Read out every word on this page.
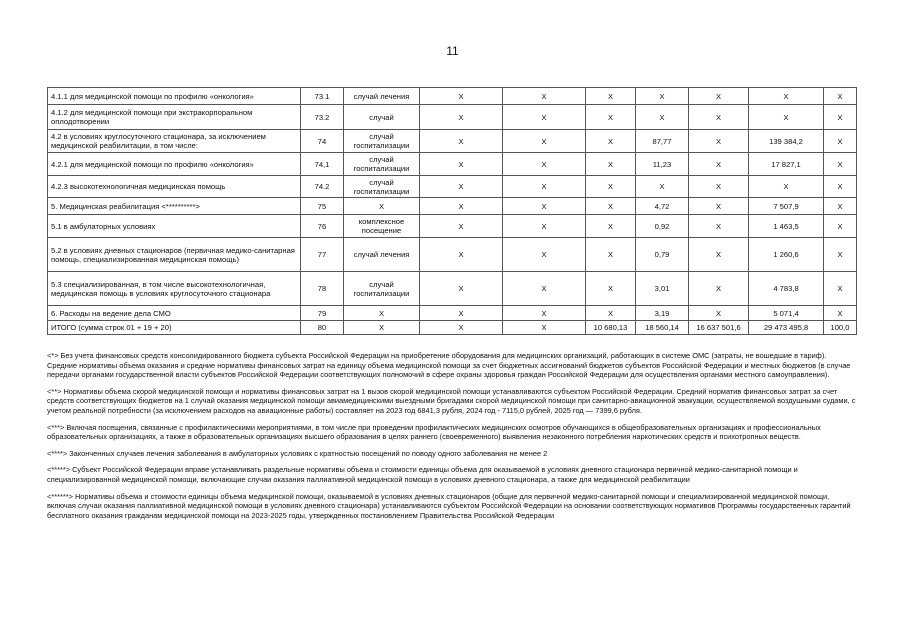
11
4.1.1 для медицинской помощи по профилю «онкология»	73.1	случай лечения	X	X	X	X	X	X	X
4.1.2 для медицинской помощи при экстракорпоральном оплодотворении	73.2	случай	X	X	X	X	X	X	X
4.2 в условиях круглосуточного стационара, за исключением медицинской реабилитации, в том числе:	74	случай госпитализации	X	X	X	87,77	X	139 384,2	X
4.2.1 для медицинской помощи по профилю «онкология»	74,1	случай госпитализации	X	X	X	11,23	X	17 827,1	X
4.2.3 высокотехнологичная медицинская помощь	74.2	случай госпитализации	X	X	X	X	X	X	X
5. Медицинская реабилитация <**********>	75	X	X	X	X	4,72	X	7 507,9	X
5.1 в амбулаторных условиях	76	комплексное посещение	X	X	X	0,92	X	1 463,5	X
5.2 в условиях дневных стационаров (первичная медико-санитарная помощь, специализированная медицинская помощь)	77	случай лечения	X	X	X	0,79	X	1 260,6	X
5.3 специализированная, в том числе высокотехнологичная, медицинская помощь в условиях круглосуточного стационара	78	случай госпитализации	X	X	X	3,01	X	4 783,8	X
6. Расходы на ведение дела СМО	79	X	X	X	X	3,19	X	5 071,4	X
ИТОГО (сумма строк 01 + 19 + 20)	80	X	X	X	10 680,13	18 560,14	16 637 501,6	29 473 495,8	100,0

<*> Без учета финансовых средств консолидированного бюджета субъекта Российской Федерации на приобретение оборудования для медицинских организаций, работающих в системе ОМС (затраты, не вошедшие в тариф). Средние нормативы объема оказания и средние нормативы финансовых затрат на единицу объема медицинской помощи за счет бюджетных ассигнований бюджетов субъектов Российской Федерации и местных бюджетов (в случае
передачи органами государственной власти субъектов Российской Федерации соответствующих полномочий в сфере охраны здоровья граждан Российской Федерации для осуществления органами местного самоуправления).

<**> Нормативы объема скорой медицинской помощи и нормативы финансовых затрат на 1 вызов скорой медицинской помощи устанавливаются субъектом Российской Федерации. Средний норматив финансовых затрат за счет средств соответствующих бюджетов на 1 случай оказания медицинской помощи авиамедицинскими выездными бригадами скорой медицинской помощи при санитарно-авиационной эвакуации, осуществляемой воздушными судами, с учетом реальной потребности (за исключением расходов на авиационные работы) составляет на 2023 год 6841,3 рубля, 2024 год - 7115,0 рублей, 2025 год — 7399,6 рубля.

<***> Включая посещения, связанные с профилактическими мероприятиями, в том числе при проведении профилактических медицинских осмотров обучающихся в общеобразовательных организациях и профессиональных образовательных организациях, а также в образовательных организациях высшего образования в целях раннего (своевременного) выявления незаконного потребления наркотических средств и психотропных веществ.

<****> Законченных случаев лечения заболевания в амбулаторных условиях с кратностью посещений по поводу одного заболевания не менее 2

<*****> Субъект Российской Федерации вправе устанавливать раздельные нормативы объема и стоимости единицы объема для оказываемой в условиях дневного стационара первичной медико-санитарной помощи и специализированной медицинской помощи, включающие случаи оказания паллиативной медицинской помощи в условиях дневного стационара, а также для медицинской реабилитации

<******> Нормативы объема и стоимости единицы объема медицинской помощи, оказываемой в условиях дневных стационаров (общие для первичной медико-санитарной помощи и специализированной медицинской помощи, включая случаи оказания паллиативной медицинской помощи в условиях дневного стационара) устанавливаются субъектом Российской Федерации на основании соответствующих нормативов Программы государственных гарантий бесплатного оказания гражданам медицинской помощи на 2023-2025 годы, утвержденных постановлением Правительства Российской Федерации
